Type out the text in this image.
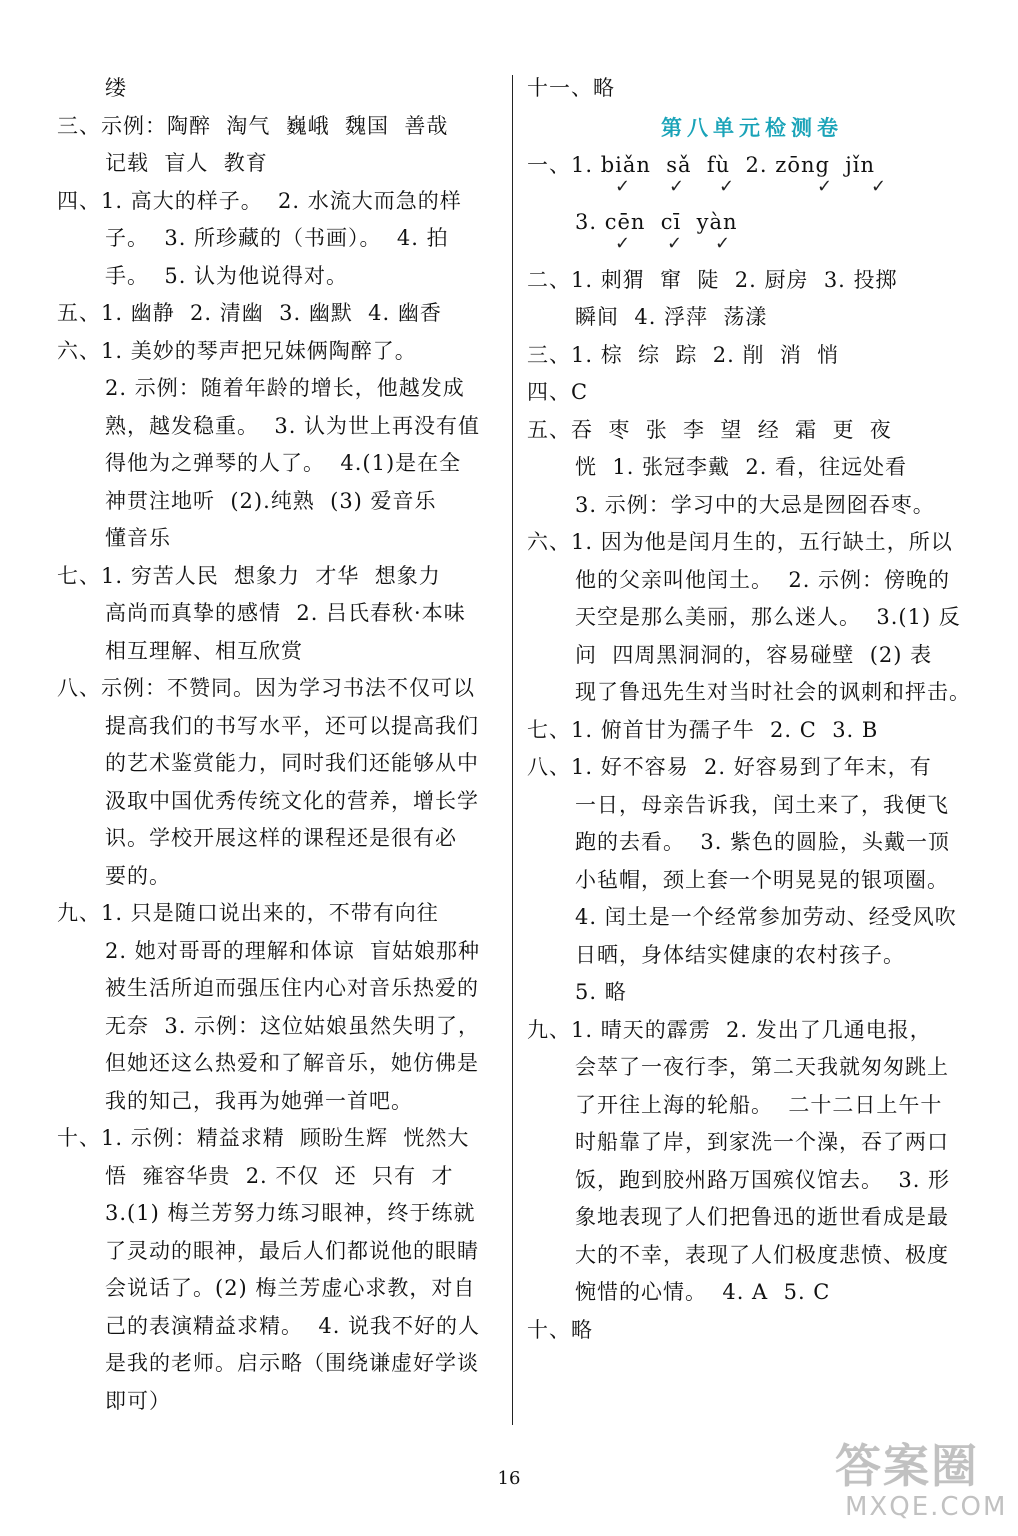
缕
三、示例：陶醉  淘气  巍峨  魏国  善哉
记载  盲人  教育
四、1. 高大的样子。  2. 水流大而急的样
子。  3. 所珍藏的（书画）。  4. 拍
手。  5. 认为他说得对。
五、1. 幽静  2. 清幽  3. 幽默  4. 幽香
六、1. 美妙的琴声把兄妹俩陶醉了。
2. 示例：随着年龄的增长，他越发成
熟，越发稳重。  3. 认为世上再没有值
得他为之弹琴的人了。  4.(1)是在全
神贯注地听  (2).纯熟  (3) 爱音乐
懂音乐
七、1. 穷苦人民  想象力  才华  想象力
高尚而真挚的感情  2. 吕氏春秋·本味
相互理解、相互欣赏
八、示例：不赞同。因为学习书法不仅可以
提高我们的书写水平，还可以提高我们
的艺术鉴赏能力，同时我们还能够从中
汲取中国优秀传统文化的营养，增长学
识。学校开展这样的课程还是很有必
要的。
九、1. 只是随口说出来的，不带有向往
2. 她对哥哥的理解和体谅  盲姑娘那种
被生活所迫而强压住内心对音乐热爱的
无奈  3. 示例：这位姑娘虽然失明了，
但她还这么热爱和了解音乐，她仿佛是
我的知己，我再为她弹一首吧。
十、1. 示例：精益求精  顾盼生辉  恍然大
悟  雍容华贵  2. 不仅  还  只有  才
3.(1) 梅兰芳努力练习眼神，终于练就
了灵动的眼神，最后人们都说他的眼睛
会说话了。(2) 梅兰芳虚心求教，对自
己的表演精益求精。  4. 说我不好的人
是我的老师。启示略（围绕谦虚好学谈
即可）
十一、略
第八单元检测卷
一、1. biǎn  sǎ  fù  2. zōng  jǐn
✓ ✓ ✓	✓ ✓
3. cēn  cī  yàn
✓ ✓ ✓
二、1. 刺猬  窜  陡  2. 厨房  3. 投掷
瞬间  4. 浮萍  荡漾
三、1. 棕  综  踪  2. 削  消  悄
四、C
五、吞  枣  张  李  望  经  霜  更  夜
恍  1. 张冠李戴  2. 看，往远处看
3. 示例：学习中的大忌是囫囵吞枣。
六、1. 因为他是闰月生的，五行缺土，所以
他的父亲叫他闰土。  2. 示例：傍晚的
天空是那么美丽，那么迷人。  3.(1) 反
问  四周黑洞洞的，容易碰壁  (2) 表
现了鲁迅先生对当时社会的讽刺和抨击。
七、1. 俯首甘为孺子牛  2. C  3. B
八、1. 好不容易  2. 好容易到了年末，有
一日，母亲告诉我，闰土来了，我便飞
跑的去看。  3. 紫色的圆脸，头戴一顶
小毡帽，颈上套一个明晃晃的银项圈。
4. 闰土是一个经常参加劳动、经受风吹
日晒，身体结实健康的农村孩子。
5. 略
九、1. 晴天的霹雳  2. 发出了几通电报，
会萃了一夜行李，第二天我就匆匆跳上
了开往上海的轮船。  二十二日上午十
时船靠了岸，到家洗一个澡，吞了两口
饭，跑到胶州路万国殡仪馆去。  3. 形
象地表现了人们把鲁迅的逝世看成是最
大的不幸，表现了人们极度悲愤、极度
惋惜的心情。  4. A  5. C
十、略
16	答案圈
MXQE.COM
